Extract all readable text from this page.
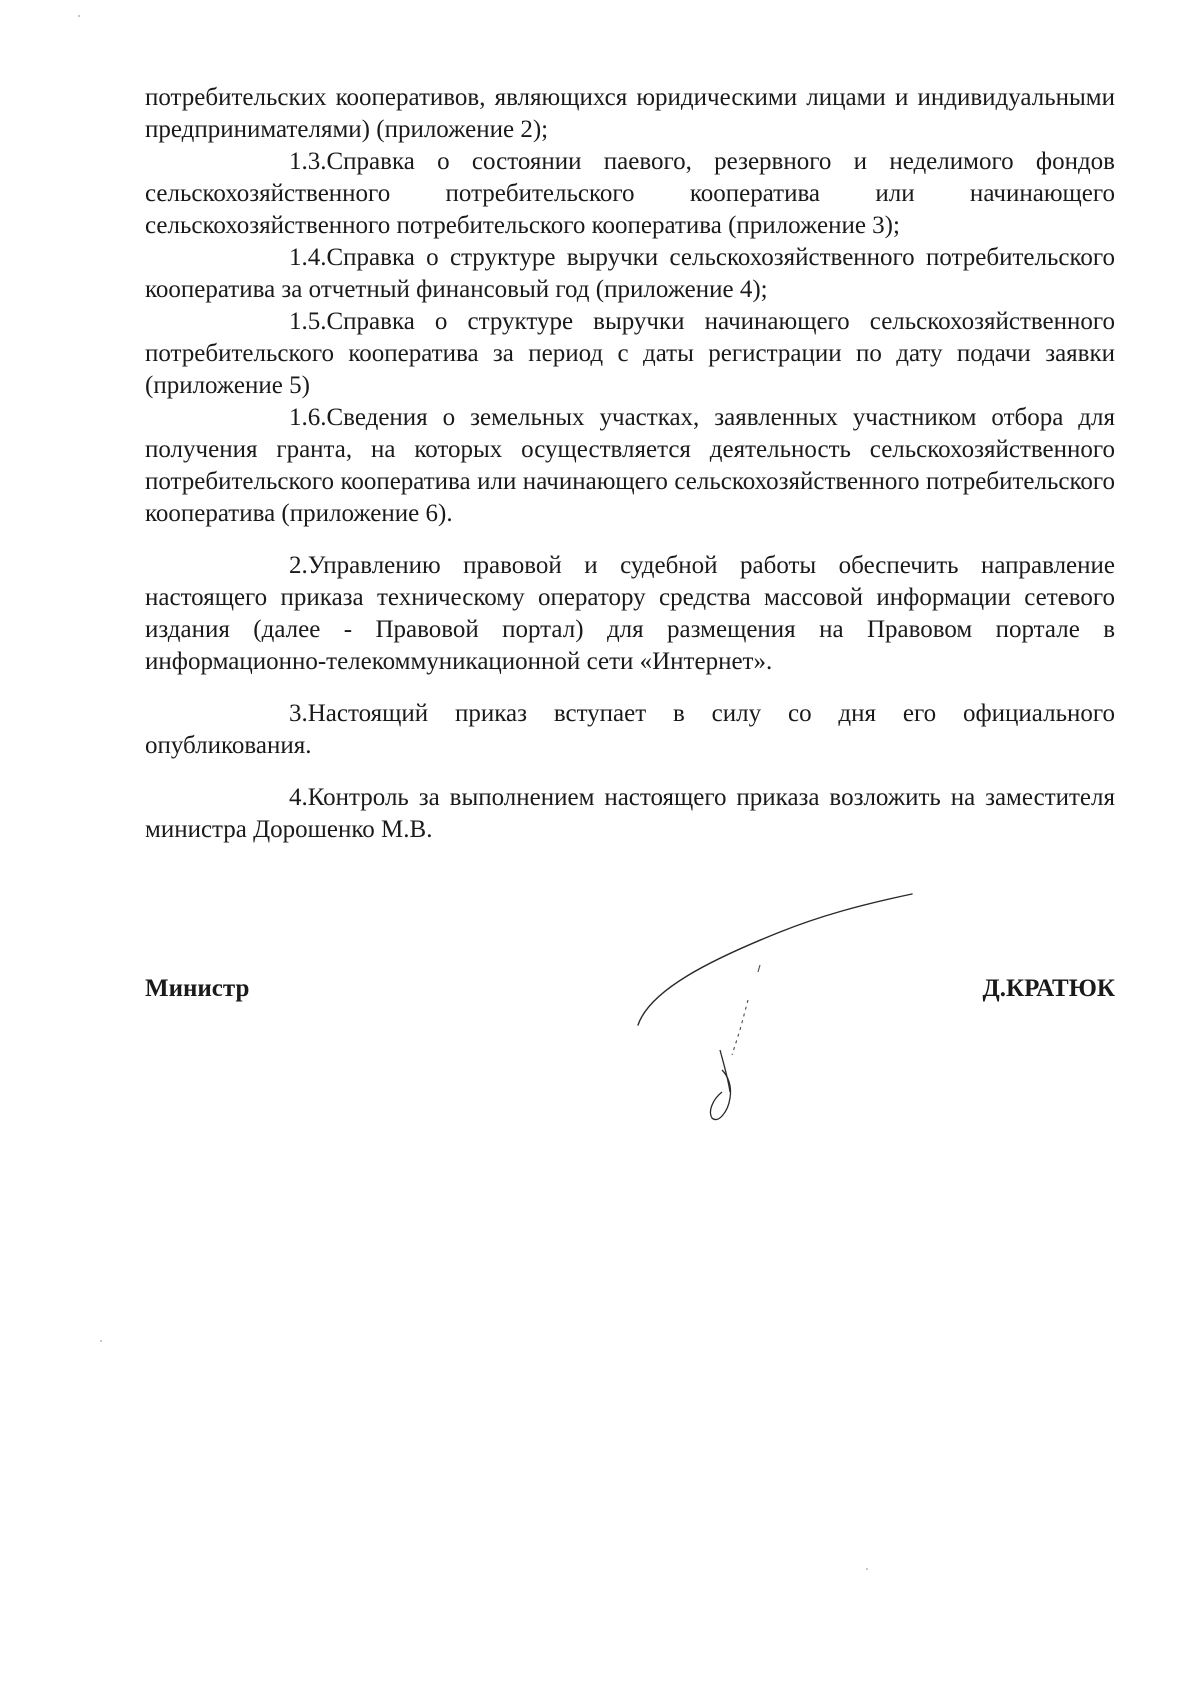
потребительских кооперативов, являющихся юридическими лицами и индивидуальными предпринимателями) (приложение 2);

1.3.Справка о состоянии паевого, резервного и неделимого фондов сельскохозяйственного потребительского кооператива или начинающего сельскохозяйственного потребительского кооператива (приложение 3);

1.4.Справка о структуре выручки сельскохозяйственного потребительского кооператива за отчетный финансовый год (приложение 4);

1.5.Справка о структуре выручки начинающего сельскохозяйственного потребительского кооператива за период с даты регистрации по дату подачи заявки (приложение 5)

1.6.Сведения о земельных участках, заявленных участником отбора для получения гранта, на которых осуществляется деятельность сельскохозяйственного потребительского кооператива или начинающего сельскохозяйственного потребительского кооператива (приложение 6).

2.Управлению правовой и судебной работы обеспечить направление настоящего приказа техническому оператору средства массовой информации сетевого издания (далее - Правовой портал) для размещения на Правовом портале в информационно-телекоммуникационной сети «Интернет».

3.Настоящий приказ вступает в силу со дня его официального опубликования.

4.Контроль за выполнением настоящего приказа возложить на заместителя министра Дорошенко М.В.

Министр	Д.КРАТЮК
